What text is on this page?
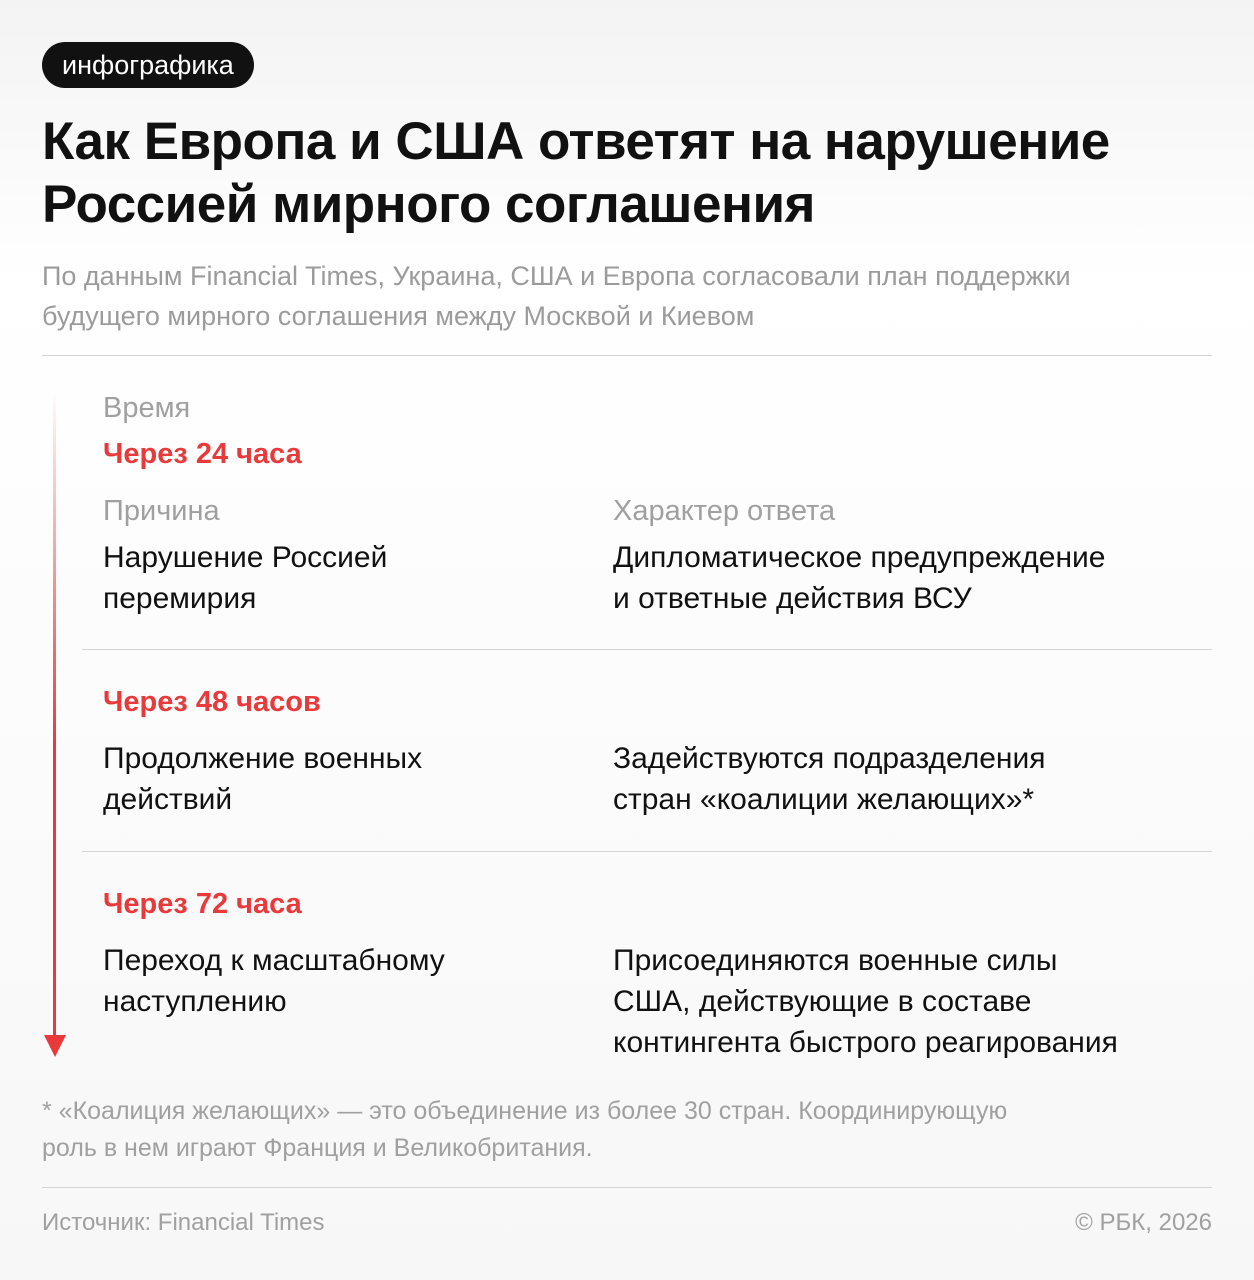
инфографика
Как Европа и США ответят на нарушение
Россией мирного соглашения

По данным Financial Times, Украина, США и Европа согласовали план поддержки
будущего мирного соглашения между Москвой и Киевом

Время

Через 24 часа

Причина	Характер ответа

Нарушение Россией
перемирия

Дипломатическое предупреждение
и ответные действия ВСУ

Через 48 часов

Продолжение военных
действий

Задействуются подразделения
стран «коалиции желающих»*

Через 72 часа

Переход к масштабному
наступлению

Присоединяются военные силы
США, действующие в составе
контингента быстрого реагирования

* «Коалиция желающих» — это объединение из более 30 стран. Координирующую
роль в нем играют Франция и Великобритания.

Источник: Financial Times	© РБК, 2026
